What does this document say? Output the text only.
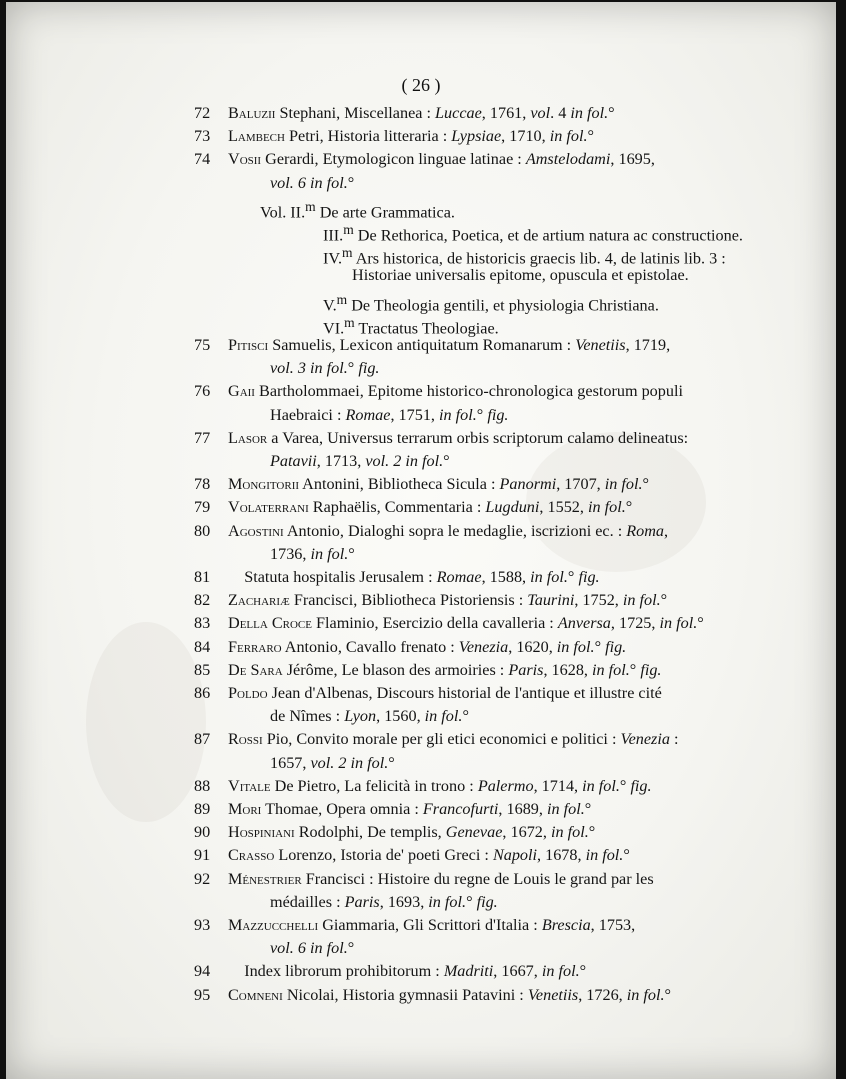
( 26 )
72 Baluzii Stephani, Miscellanea : Luccae, 1761, vol. 4 in fol.°
73 Lambech Petri, Historia litteraria : Lypsiae, 1710, in fol.°
74 Vosii Gerardi, Etymologicon linguae latinae : Amstelodami, 1695,
vol. 6 in fol.°
Vol. II.$^m$ De arte Grammatica.
III.$^m$ De Rethorica, Poetica, et de artium natura ac constructione.
IV.$^m$ Ars historica, de historicis graecis lib. 4, de latinis lib. 3 :
Historiae universalis epitome, opuscula et epistolae.
V.$^m$ De Theologia gentili, et physiologia Christiana.
VI.$^m$ Tractatus Theologiae.
75 Pitisci Samuelis, Lexicon antiquitatum Romanarum : Venetiis, 1719,
vol. 3 in fol.° fig.
76 Gaii Bartholommaei, Epitome historico-chronologica gestorum populi
Haebraici : Romae, 1751, in fol.° fig.
77 Lasor a Varea, Universus terrarum orbis scriptorum calamo delineatus:
Patavii, 1713, vol. 2 in fol.°
78 Mongitorii Antonini, Bibliotheca Sicula : Panormi, 1707, in fol.°
79 Volaterrani Raphaëlis, Commentaria : Lugduni, 1552, in fol.°
80 Agostini Antonio, Dialoghi sopra le medaglie, iscrizioni ec. : Roma,
1736, in fol.°
81 Statuta hospitalis Jerusalem : Romae, 1588, in fol.° fig.
82 Zachariæ Francisci, Bibliotheca Pistoriensis : Taurini, 1752, in fol.°
83 Della Croce Flaminio, Esercizio della cavalleria : Anversa, 1725, in fol.°
84 Ferraro Antonio, Cavallo frenato : Venezia, 1620, in fol.° fig.
85 De Sara Jérôme, Le blason des armoiries : Paris, 1628, in fol.° fig.
86 Poldo Jean d'Albenas, Discours historial de l'antique et illustre cité
de Nîmes : Lyon, 1560, in fol.°
87 Rossi Pio, Convito morale per gli etici economici e politici : Venezia :
1657, vol. 2 in fol.°
88 Vitale De Pietro, La felicità in trono : Palermo, 1714, in fol.° fig.
89 Mori Thomae, Opera omnia : Francofurti, 1689, in fol.°
90 Hospiniani Rodolphi, De templis, Genevae, 1672, in fol.°
91 Crasso Lorenzo, Istoria de' poeti Greci : Napoli, 1678, in fol.°
92 Ménestrier Francisci : Histoire du regne de Louis le grand par les
médailles : Paris, 1693, in fol.° fig.
93 Mazzucchelli Giammaria, Gli Scrittori d'Italia : Brescia, 1753,
vol. 6 in fol.°
94 Index librorum prohibitorum : Madriti, 1667, in fol.°
95 Comneni Nicolai, Historia gymnasii Patavini : Venetiis, 1726, in fol.°
